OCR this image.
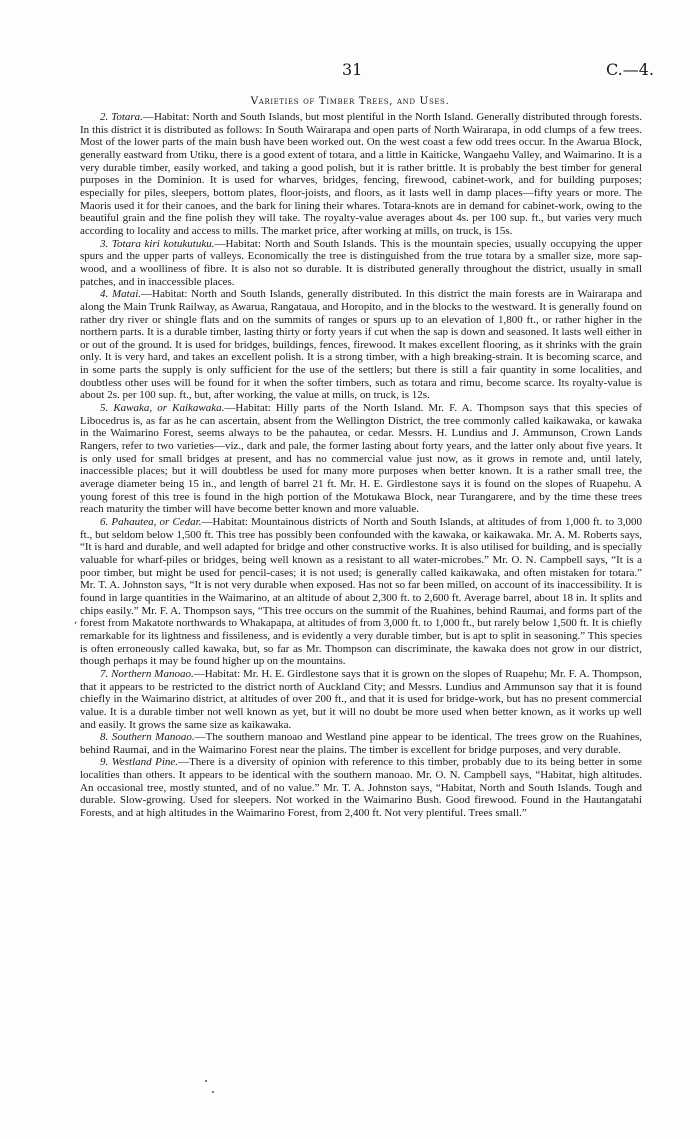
31	C.—4.
Varieties of Timber Trees, and Uses.

2. Totara.—Habitat: North and South Islands, but most plentiful in the North Island. Generally distributed through forests. In this district it is distributed as follows: In South Wairarapa and open parts of North Wairarapa, in odd clumps of a few trees. Most of the lower parts of the main bush have been worked out. On the west coast a few odd trees occur. In the Awarua Block, generally eastward from Utiku, there is a good extent of totara, and a little in Kaiticke, Wangaehu Valley, and Waimarino. It is a very durable timber, easily worked, and taking a good polish, but it is rather brittle. It is probably the best timber for general purposes in the Dominion. It is used for wharves, bridges, fencing, firewood, cabinet-work, and for building purposes; especially for piles, sleepers, bottom plates, floor-joists, and floors, as it lasts well in damp places—fifty years or more. The Maoris used it for their canoes, and the bark for lining their whares. Totara-knots are in demand for cabinet-work, owing to the beautiful grain and the fine polish they will take. The royalty-value averages about 4s. per 100 sup. ft., but varies very much according to locality and access to mills. The market price, after working at mills, on truck, is 15s.

3. Totara kiri kotukutuku.—Habitat: North and South Islands. This is the mountain species, usually occupying the upper spurs and the upper parts of valleys. Economically the tree is distinguished from the true totara by a smaller size, more sap-wood, and a woolliness of fibre. It is also not so durable. It is distributed generally throughout the district, usually in small patches, and in inaccessible places.

4. Matai.—Habitat: North and South Islands, generally distributed. In this district the main forests are in Wairarapa and along the Main Trunk Railway, as Awarua, Rangataua, and Horopito, and in the blocks to the westward. It is generally found on rather dry river or shingle flats and on the summits of ranges or spurs up to an elevation of 1,800 ft., or rather higher in the northern parts. It is a durable timber, lasting thirty or forty years if cut when the sap is down and seasoned. It lasts well either in or out of the ground. It is used for bridges, buildings, fences, firewood. It makes excellent flooring, as it shrinks with the grain only. It is very hard, and takes an excellent polish. It is a strong timber, with a high breaking-strain. It is becoming scarce, and in some parts the supply is only sufficient for the use of the settlers; but there is still a fair quantity in some localities, and doubtless other uses will be found for it when the softer timbers, such as totara and rimu, become scarce. Its royalty-value is about 2s. per 100 sup. ft., but, after working, the value at mills, on truck, is 12s.

5. Kawaka, or Kaikawaka.—Habitat: Hilly parts of the North Island. Mr. F. A. Thompson says that this species of Libocedrus is, as far as he can ascertain, absent from the Wellington District, the tree commonly called kaikawaka, or kawaka in the Waimarino Forest, seems always to be the pahautea, or cedar. Messrs. H. Lundius and J. Ammunson, Crown Lands Rangers, refer to two varieties—viz., dark and pale, the former lasting about forty years, and the latter only about five years. It is only used for small bridges at present, and has no commercial value just now, as it grows in remote and, until lately, inaccessible places; but it will doubtless be used for many more purposes when better known. It is a rather small tree, the average diameter being 15 in., and length of barrel 21 ft. Mr. H. E. Girdlestone says it is found on the slopes of Ruapehu. A young forest of this tree is found in the high portion of the Motukawa Block, near Turangarere, and by the time these trees reach maturity the timber will have become better known and more valuable.

6. Pahautea, or Cedar.—Habitat: Mountainous districts of North and South Islands, at altitudes of from 1,000 ft. to 3,000 ft., but seldom below 1,500 ft. This tree has possibly been confounded with the kawaka, or kaikawaka. Mr. A. M. Roberts says, “It is hard and durable, and well adapted for bridge and other constructive works. It is also utilised for building, and is specially valuable for wharf-piles or bridges, being well known as a resistant to all water-microbes.” Mr. O. N. Campbell says, “It is a poor timber, but might be used for pencil-cases; it is not used; is generally called kaikawaka, and often mistaken for totara.” Mr. T. A. Johnston says, “It is not very durable when exposed. Has not so far been milled, on account of its inaccessibility. It is found in large quantities in the Waimarino, at an altitude of about 2,300 ft. to 2,600 ft. Average barrel, about 18 in. It splits and chips easily.” Mr. F. A. Thompson says, “This tree occurs on the summit of the Ruahines, behind Raumai, and forms part of the forest from Makatote northwards to Whakapapa, at altitudes of from 3,000 ft. to 1,000 ft., but rarely below 1,500 ft. It is chiefly remarkable for its lightness and fissileness, and is evidently a very durable timber, but is apt to split in seasoning.” This species is often erroneously called kawaka, but, so far as Mr. Thompson can discriminate, the kawaka does not grow in our district, though perhaps it may be found higher up on the mountains.

7. Northern Manoao.—Habitat: Mr. H. E. Girdlestone says that it is grown on the slopes of Ruapehu; Mr. F. A. Thompson, that it appears to be restricted to the district north of Auckland City; and Messrs. Lundius and Ammunson say that it is found chiefly in the Waimarino district, at altitudes of over 200 ft., and that it is used for bridge-work, but has no present commercial value. It is a durable timber not well known as yet, but it will no doubt be more used when better known, as it works up well and easily. It grows the same size as kaikawaka.

8. Southern Manoao.—The southern manoao and Westland pine appear to be identical. The trees grow on the Ruahines, behind Raumai, and in the Waimarino Forest near the plains. The timber is excellent for bridge purposes, and very durable.

9. Westland Pine.—There is a diversity of opinion with reference to this timber, probably due to its being better in some localities than others. It appears to be identical with the southern manoao. Mr. O. N. Campbell says, “Habitat, high altitudes. An occasional tree, mostly stunted, and of no value.” Mr. T. A. Johnston says, “Habitat, North and South Islands. Tough and durable. Slow-growing. Used for sleepers. Not worked in the Waimarino Bush. Good firewood. Found in the Hautangatahi Forests, and at high altitudes in the Waimarino Forest, from 2,400 ft. Not very plentiful. Trees small.”

,
